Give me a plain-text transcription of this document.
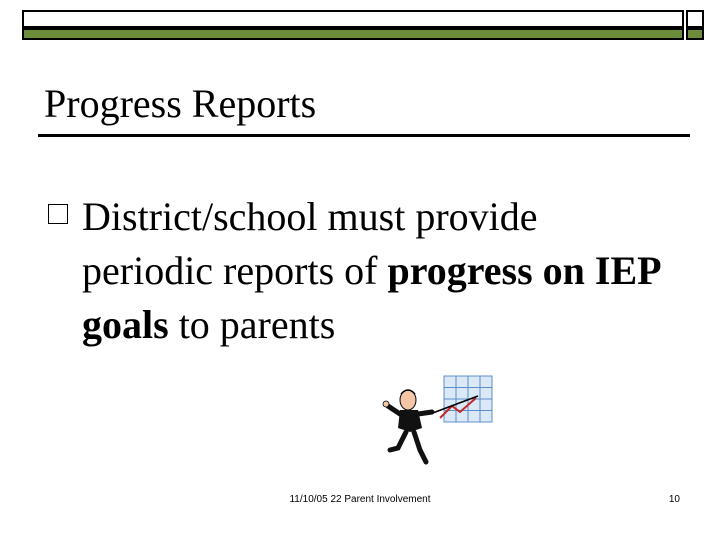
Progress Reports
District/school must provide periodic reports of progress on IEP goals to parents
11/10/05 22 Parent Involvement	10
